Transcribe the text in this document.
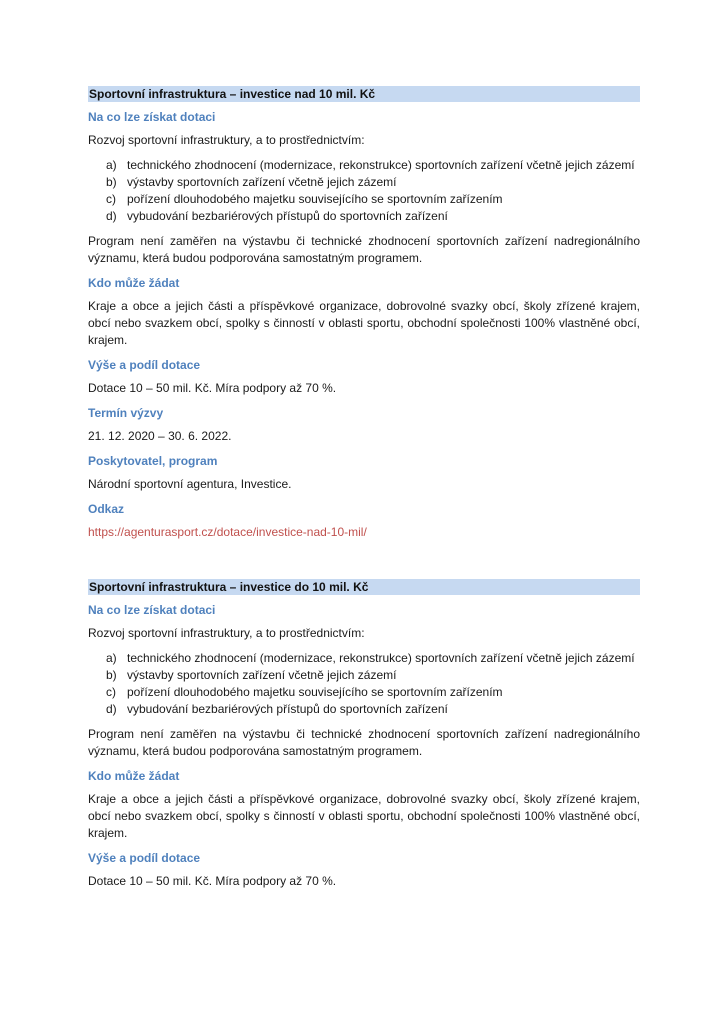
Sportovní infrastruktura – investice nad 10 mil. Kč
Na co lze získat dotaci

Rozvoj sportovní infrastruktury, a to prostřednictvím:

a) technického zhodnocení (modernizace, rekonstrukce) sportovních zařízení včetně jejich zázemí
b) výstavby sportovních zařízení včetně jejich zázemí
c) pořízení dlouhodobého majetku souvisejícího se sportovním zařízením
d) vybudování bezbariérových přístupů do sportovních zařízení

Program není zaměřen na výstavbu či technické zhodnocení sportovních zařízení nadregionálního významu, která budou podporována samostatným programem.

Kdo může žádat

Kraje a obce a jejich části a příspěvkové organizace, dobrovolné svazky obcí, školy zřízené krajem, obcí nebo svazkem obcí, spolky s činností v oblasti sportu, obchodní společnosti 100% vlastněné obcí, krajem.

Výše a podíl dotace

Dotace 10 – 50 mil. Kč. Míra podpory až 70 %.

Termín výzvy

21. 12. 2020 – 30. 6. 2022.

Poskytovatel, program

Národní sportovní agentura, Investice.

Odkaz

https://agenturasport.cz/dotace/investice-nad-10-mil/

Sportovní infrastruktura – investice do 10 mil. Kč
Na co lze získat dotaci

Rozvoj sportovní infrastruktury, a to prostřednictvím:

a) technického zhodnocení (modernizace, rekonstrukce) sportovních zařízení včetně jejich zázemí
b) výstavby sportovních zařízení včetně jejich zázemí
c) pořízení dlouhodobého majetku souvisejícího se sportovním zařízením
d) vybudování bezbariérových přístupů do sportovních zařízení

Program není zaměřen na výstavbu či technické zhodnocení sportovních zařízení nadregionálního významu, která budou podporována samostatným programem.

Kdo může žádat

Kraje a obce a jejich části a příspěvkové organizace, dobrovolné svazky obcí, školy zřízené krajem, obcí nebo svazkem obcí, spolky s činností v oblasti sportu, obchodní společnosti 100% vlastněné obcí, krajem.

Výše a podíl dotace

Dotace 10 – 50 mil. Kč. Míra podpory až 70 %.
